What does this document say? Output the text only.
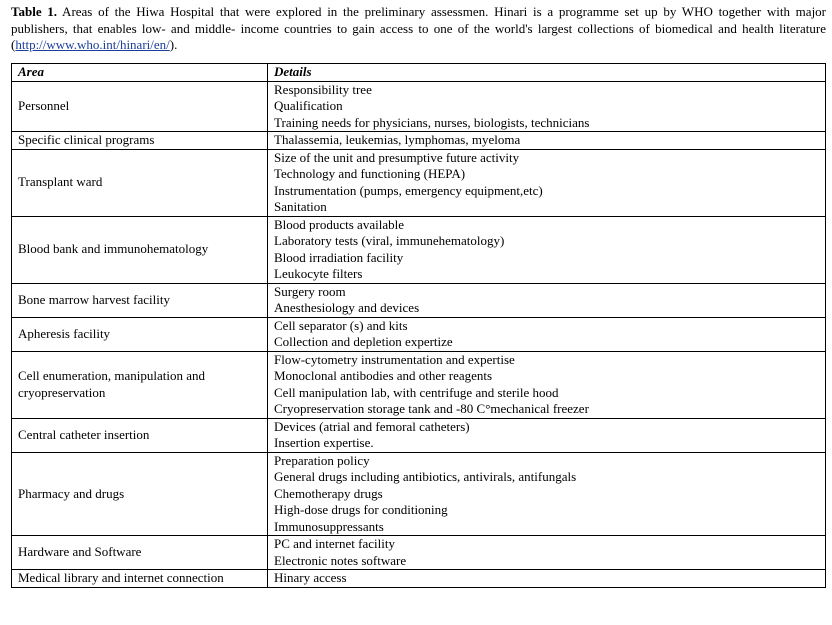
Table 1. Areas of the Hiwa Hospital that were explored in the preliminary assessmen. Hinari is a programme set up by WHO together with major publishers, that enables low- and middle- income countries to gain access to one of the world's largest collections of biomedical and health literature (http://www.who.int/hinari/en/).
Area	Details
Personnel	Responsibility tree
Qualification
Training needs for physicians, nurses, biologists, technicians

Specific clinical programs	Thalassemia, leukemias, lymphomas, myeloma

Transplant ward	Size of the unit and presumptive future activity
Technology and functioning (HEPA)
Instrumentation (pumps, emergency equipment,etc)
Sanitation

Blood bank and immunohematology	Blood products available
Laboratory tests (viral, immunehematology)
Blood irradiation facility
Leukocyte filters

Bone marrow harvest facility	Surgery room
Anesthesiology and devices

Apheresis facility	Cell separator (s) and kits
Collection and depletion expertize

Cell enumeration, manipulation and cryopreservation	Flow-cytometry instrumentation and expertise
Monoclonal antibodies and other reagents
Cell manipulation lab, with centrifuge and sterile hood
Cryopreservation storage tank and -80 C°mechanical freezer

Central catheter insertion	Devices (atrial and femoral catheters)
Insertion expertise.

Pharmacy and drugs	Preparation policy
General drugs including antibiotics, antivirals, antifungals
Chemotherapy drugs
High-dose drugs for conditioning
Immunosuppressants

Hardware and Software	PC and internet facility
Electronic notes software

Medical library and internet connection	Hinary access
